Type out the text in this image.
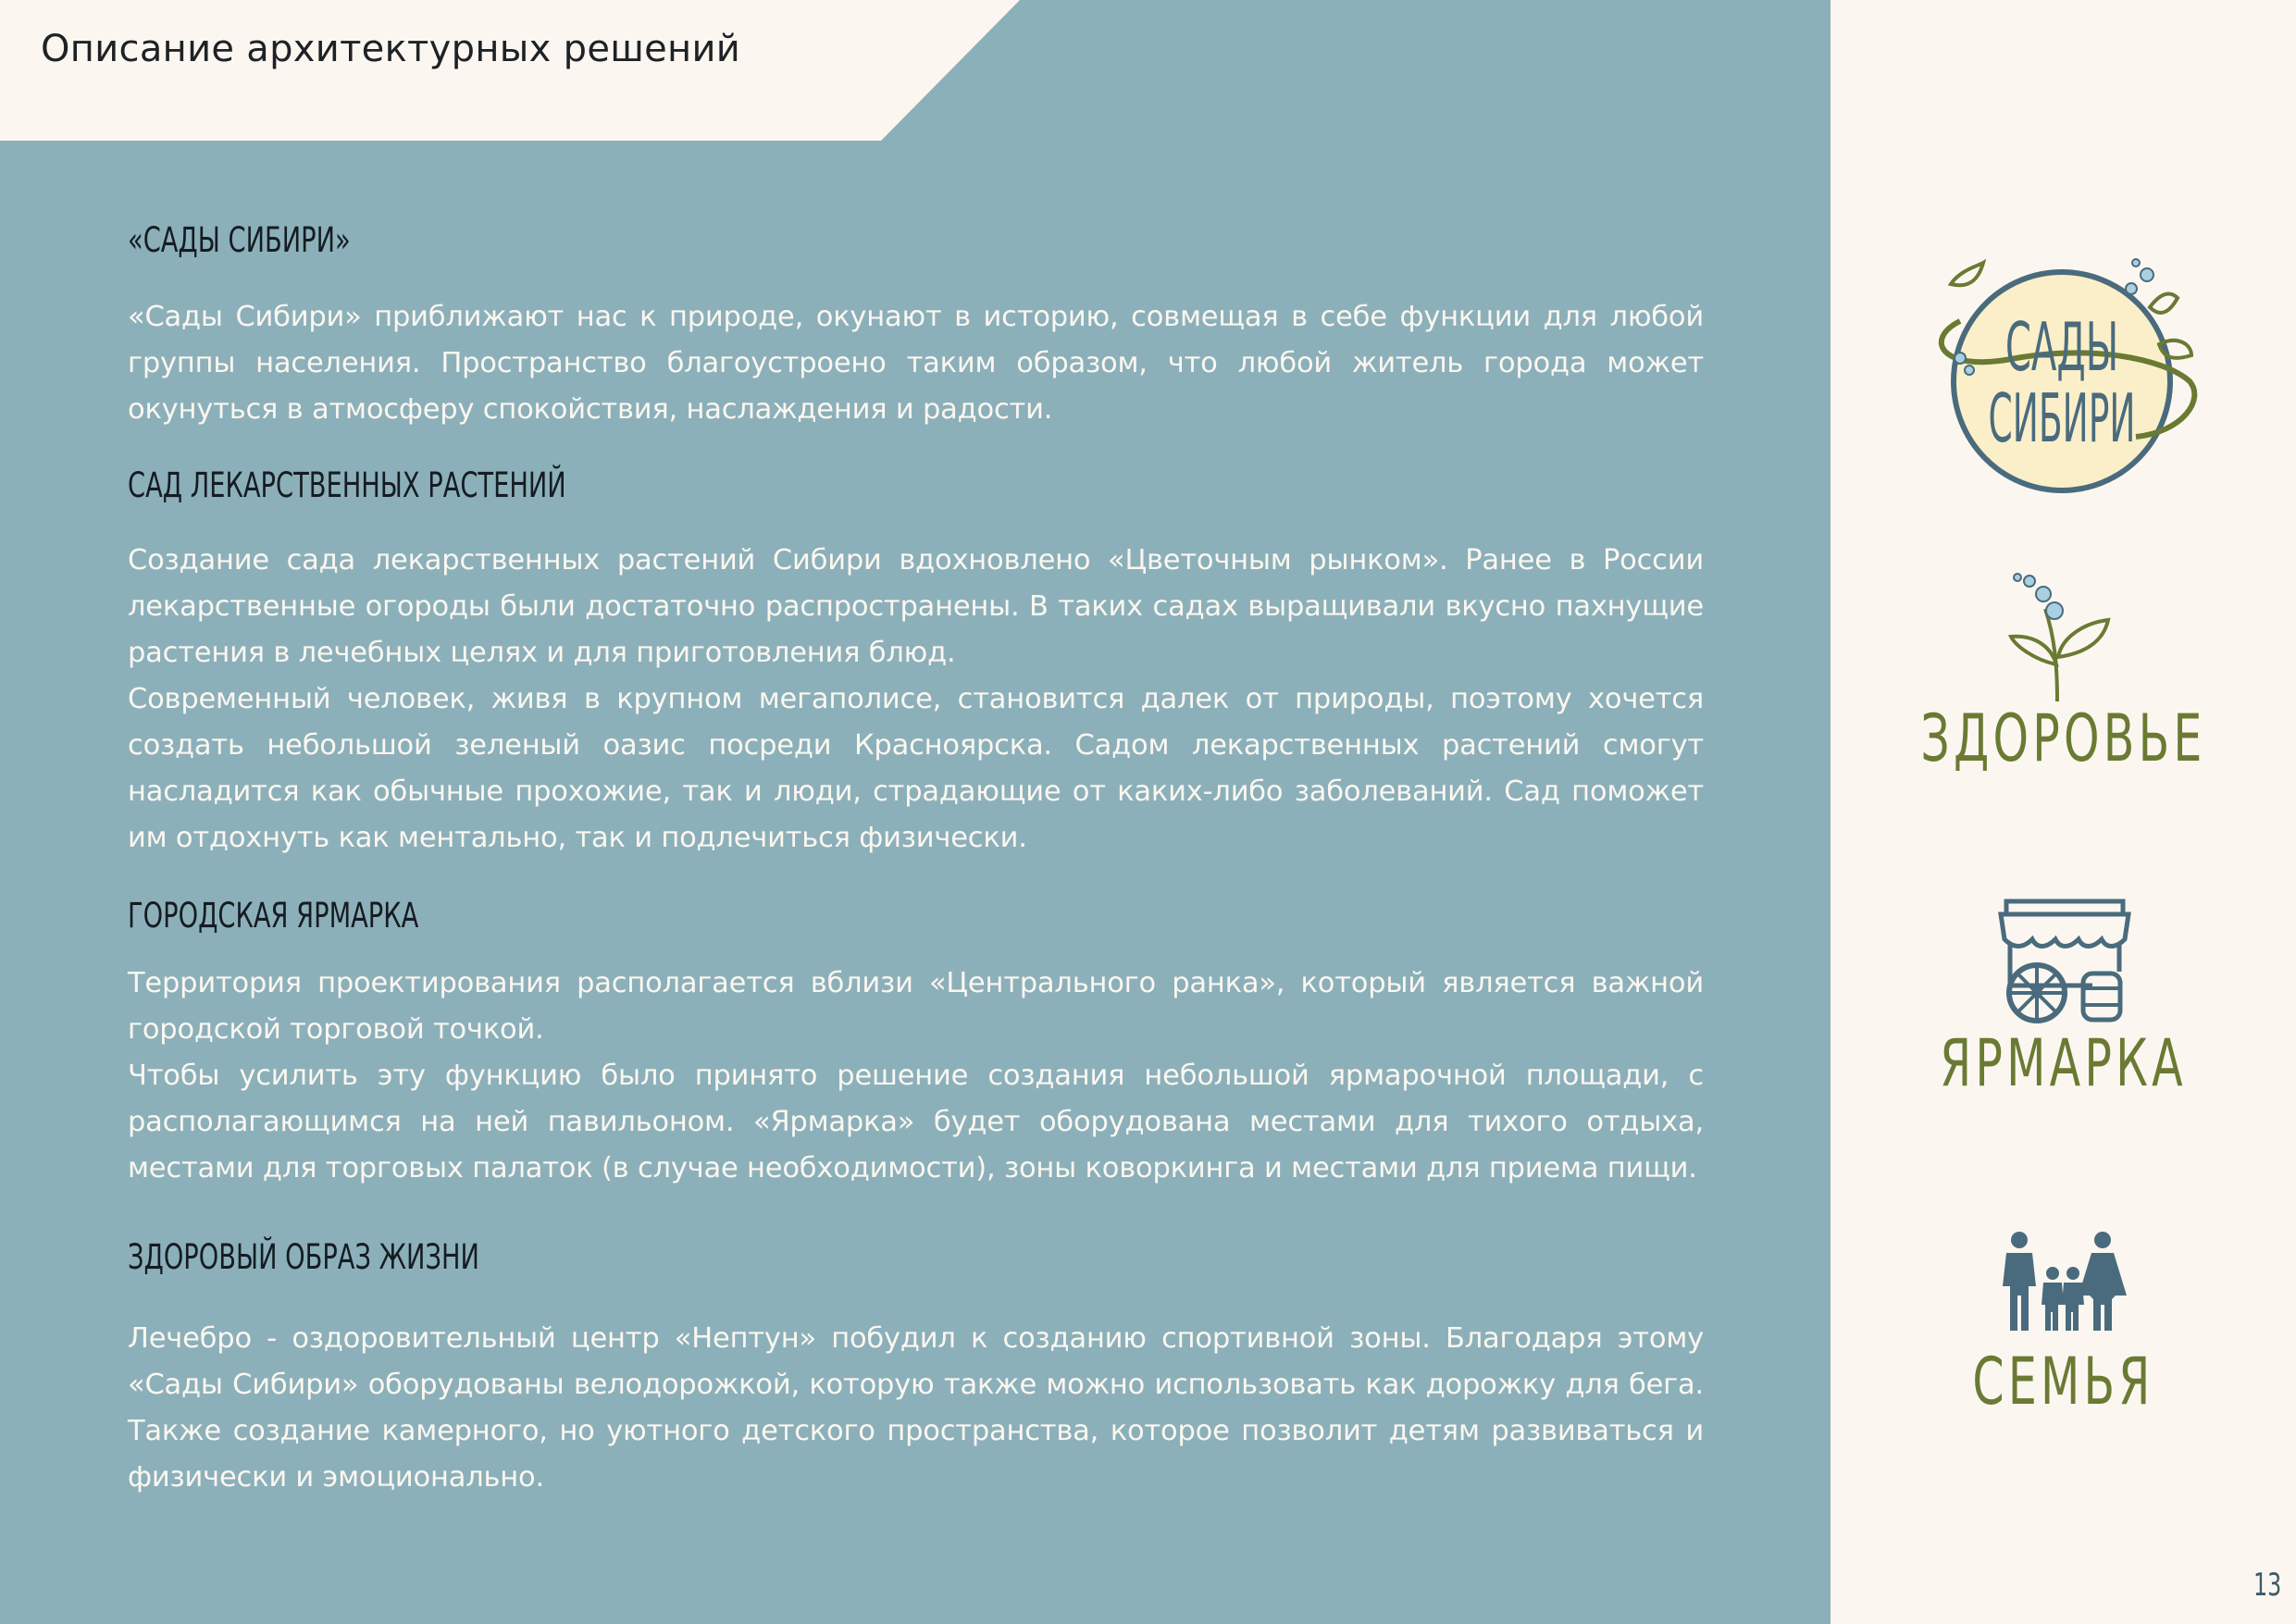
Описание архитектурных решений
«САДЫ СИБИРИ»

«Сады Сибири» приближают нас к природе, окунают в историю, совмещая в себе функции для любой группы населения. Пространство благоустроено таким образом, что любой житель города может окунуться в атмосферу спокойствия, наслаждения и радости.

САД ЛЕКАРСТВЕННЫХ РАСТЕНИЙ

Создание сада лекарственных растений Сибири вдохновлено «Цветочным рынком». Ранее в России лекарственные огороды были достаточно распространены. В таких садах выращивали вкусно пахнущие растения в лечебных целях и для приготовления блюд.
Современный человек, живя в крупном мегаполисе, становится далек от природы, поэтому хочется создать небольшой зеленый оазис посреди Красноярска. Садом лекарственных растений смогут насладится как обычные прохожие, так и люди, страдающие от каких-либо заболеваний. Сад поможет им отдохнуть как ментально, так и подлечиться физически.

ГОРОДСКАЯ ЯРМАРКА

Территория проектирования располагается вблизи «Центрального ранка», который является важной городской торговой точкой.
Чтобы усилить эту функцию было принято решение создания небольшой ярмарочной площади, с располагающимся на ней павильоном. «Ярмарка» будет оборудована местами для тихого отдыха, местами для торговых палаток (в случае необходимости), зоны коворкинга и местами для приема пищи.

ЗДОРОВЫЙ ОБРАЗ ЖИЗНИ

Лечебро - оздоровительный центр «Нептун» побудил к созданию спортивной зоны. Благодаря этому «Сады Сибири» оборудованы велодорожкой, которую также можно использовать как дорожку для бега. Также создание камерного, но уютного детского пространства, которое позволит детям развиваться и физически и эмоционально.

САДЫ
СИБИРИ
ЗДОРОВЬЕ
ЯРМАРКА
СЕМЬЯ
13
